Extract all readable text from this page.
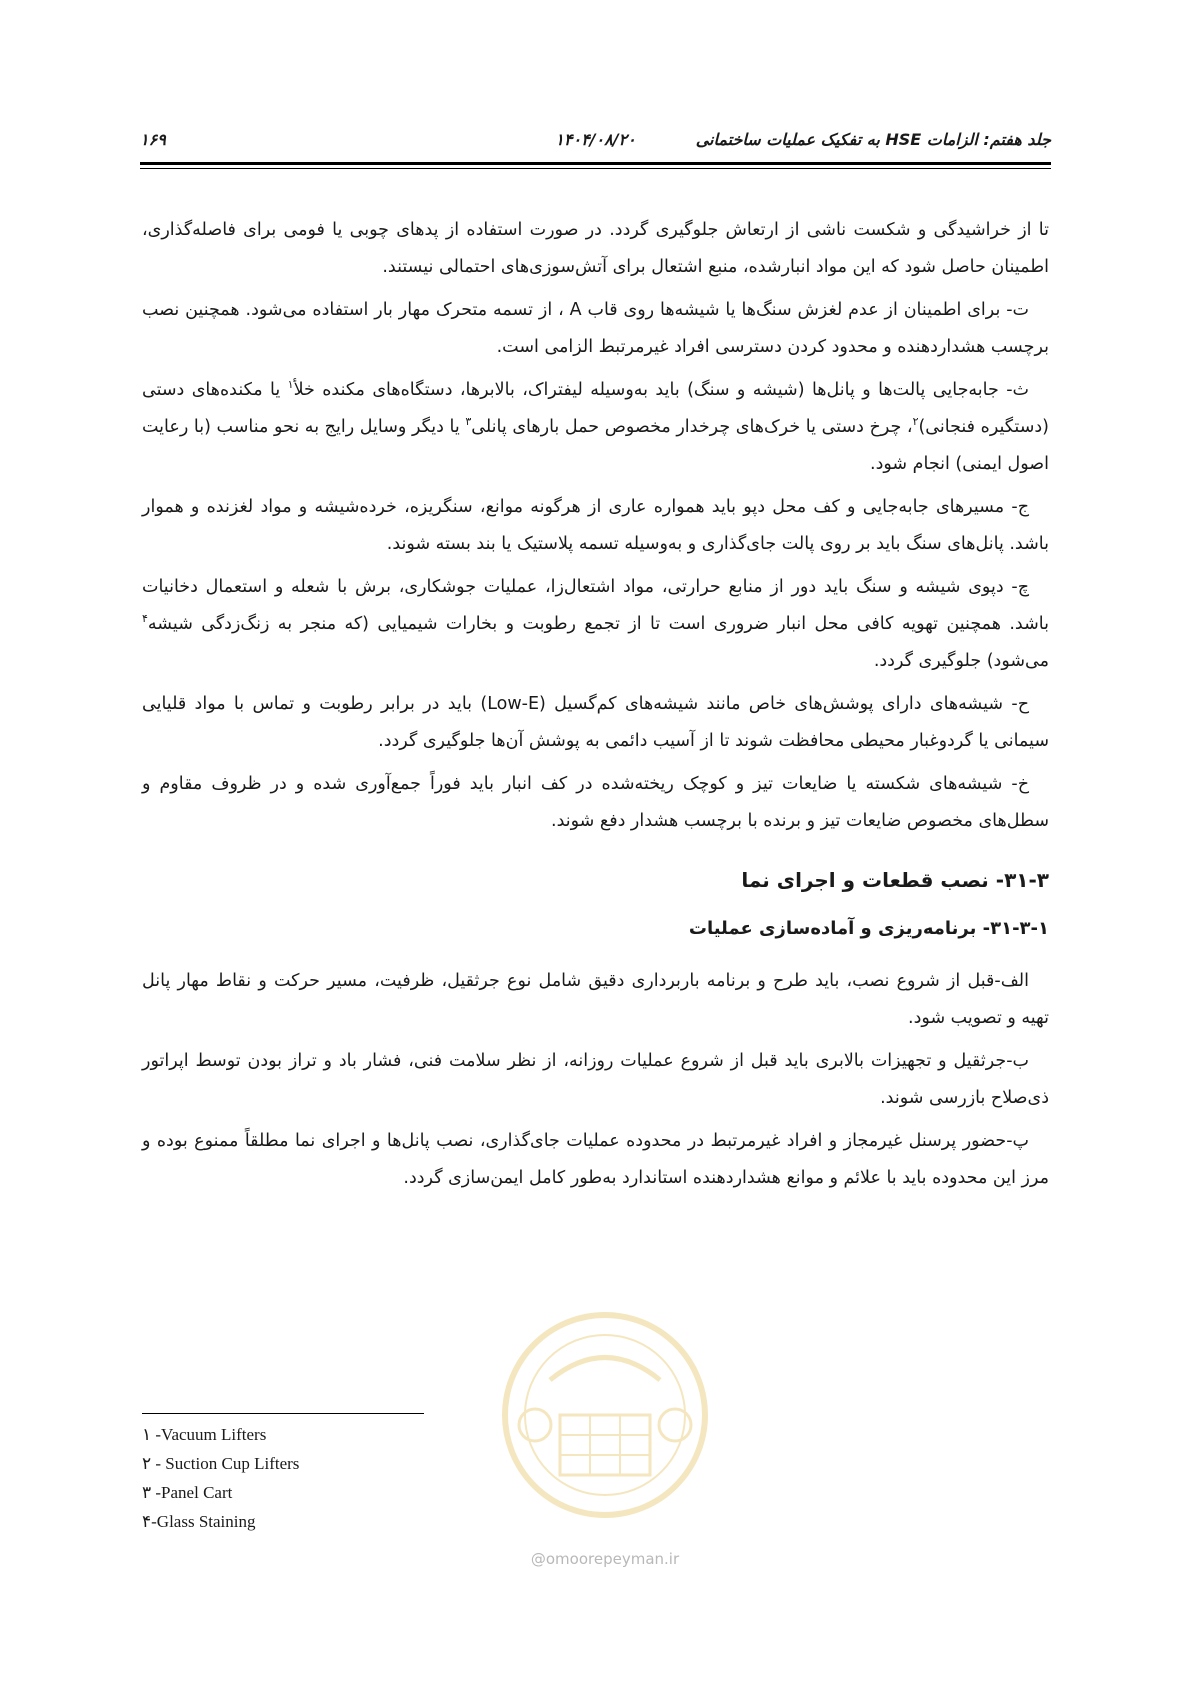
جلد هفتم: الزامات HSE به تفکیک عملیات ساختمانی
۱۴۰۴/۰۸/۲۰
۱۶۹

تا از خراشیدگی و شکست ناشی از ارتعاش جلوگیری گردد. در صورت استفاده از پدهای چوبی یا فومی برای فاصله‌گذاری، اطمینان حاصل شود که این مواد انبارشده، منبع اشتعال برای آتش‌سوزی‌های احتمالی نیستند.

ت- برای اطمینان از عدم لغزش سنگ‌ها یا شیشه‌ها روی قاب A ، از تسمه متحرک مهار بار استفاده می‌شود. همچنین نصب برچسب هشداردهنده و محدود کردن دسترسی افراد غیرمرتبط الزامی است.

ث- جابه‌جایی پالت‌ها و پانل‌ها (شیشه و سنگ) باید به‌وسیله لیفتراک، بالابرها، دستگاه‌های مکنده خلأ$^۱$ یا مکنده‌های دستی (دستگیره فنجانی)$^۲$، چرخ دستی یا خرک‌های چرخدار مخصوص حمل بارهای پانلی$^۳$ یا دیگر وسایل رایج به نحو مناسب (با رعایت اصول ایمنی) انجام شود.

ج- مسیرهای جابه‌جایی و کف محل دپو باید همواره عاری از هرگونه موانع، سنگریزه، خرده‌شیشه و مواد لغزنده و هموار باشد. پانل‌های سنگ باید بر روی پالت جای‌گذاری و به‌وسیله تسمه پلاستیک یا بند بسته شوند.

چ- دپوی شیشه و سنگ باید دور از منابع حرارتی، مواد اشتعال‌زا، عملیات جوشکاری، برش با شعله و استعمال دخانیات باشد. همچنین تهویه کافی محل انبار ضروری است تا از تجمع رطوبت و بخارات شیمیایی (که منجر به زنگ‌زدگی شیشه$^۴$ می‌شود) جلوگیری گردد.

ح- شیشه‌های دارای پوشش‌های خاص مانند شیشه‌های کم‌گسیل (Low-E) باید در برابر رطوبت و تماس با مواد قلیایی سیمانی یا گردوغبار محیطی محافظت شوند تا از آسیب دائمی به پوشش آن‌ها جلوگیری گردد.

خ- شیشه‌های شکسته یا ضایعات تیز و کوچک ریخته‌شده در کف انبار باید فوراً جمع‌آوری شده و در ظروف مقاوم و سطل‌های مخصوص ضایعات تیز و برنده با برچسب هشدار دفع شوند.

۳۱-۳- نصب قطعات و اجرای نما
۳۱-۳-۱- برنامه‌ریزی و آماده‌سازی عملیات

الف-قبل از شروع نصب، باید طرح و برنامه باربرداری دقیق شامل نوع جرثقیل، ظرفیت، مسیر حرکت و نقاط مهار پانل تهیه و تصویب شود.

ب-جرثقیل و تجهیزات بالابری باید قبل از شروع عملیات روزانه، از نظر سلامت فنی، فشار باد و تراز بودن توسط اپراتور ذی‌صلاح بازرسی شوند.

پ-حضور پرسنل غیرمجاز و افراد غیرمرتبط در محدوده عملیات جای‌گذاری، نصب پانل‌ها و اجرای نما مطلقاً ممنوع بوده و مرز این محدوده باید با علائم و موانع هشداردهنده استاندارد به‌طور کامل ایمن‌سازی گردد.

@omoorepeyman.ir
۱ -Vacuum Lifters
۲ - Suction Cup Lifters
۳ -Panel Cart
۴-Glass Staining
